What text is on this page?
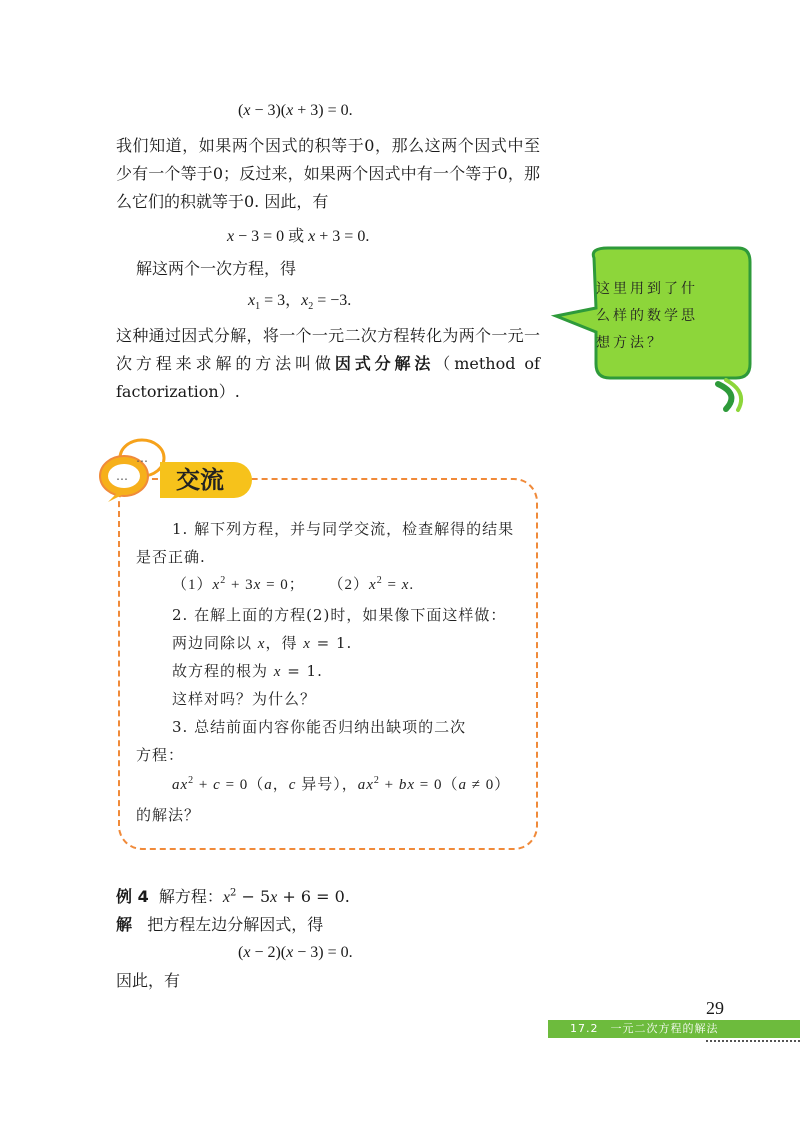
(x − 3)(x + 3) = 0.
我们知道，如果两个因式的积等于0，那么这两个因式中至少有一个等于0；反过来，如果两个因式中有一个等于0，那么它们的积就等于0. 因此，有
x − 3 = 0 或 x + 3 = 0.
解这两个一次方程，得
$x_1 = 3$，$x_2 = -3$.
这种通过因式分解，将一个一元二次方程转化为两个一元一次方程来求解的方法叫做因式分解法（method of factorization）.
这里用到了什么样的数学思想方法？
…
…
交流
1. 解下列方程，并与同学交流，检查解得的结果
是否正确.
$(1)x^2 + 3x = 0$；     $(2)x^2 = x$.
2. 在解上面的方程(2)时，如果像下面这样做：
两边同除以 x，得 x = 1.
故方程的根为 x = 1.
这样对吗？为什么？
3. 总结前面内容你能否归纳出缺项的二次
方程：
$ax^2 + c = 0(a$，c 异号），$ax^2$ + bx = 0（a ≠ 0）
的解法？
例 4  解方程：$x^2 - 5x + 6 = 0$.
解 把方程左边分解因式，得
(x − 2)(x − 3) = 0.
因此，有
29
17.2　一元二次方程的解法
